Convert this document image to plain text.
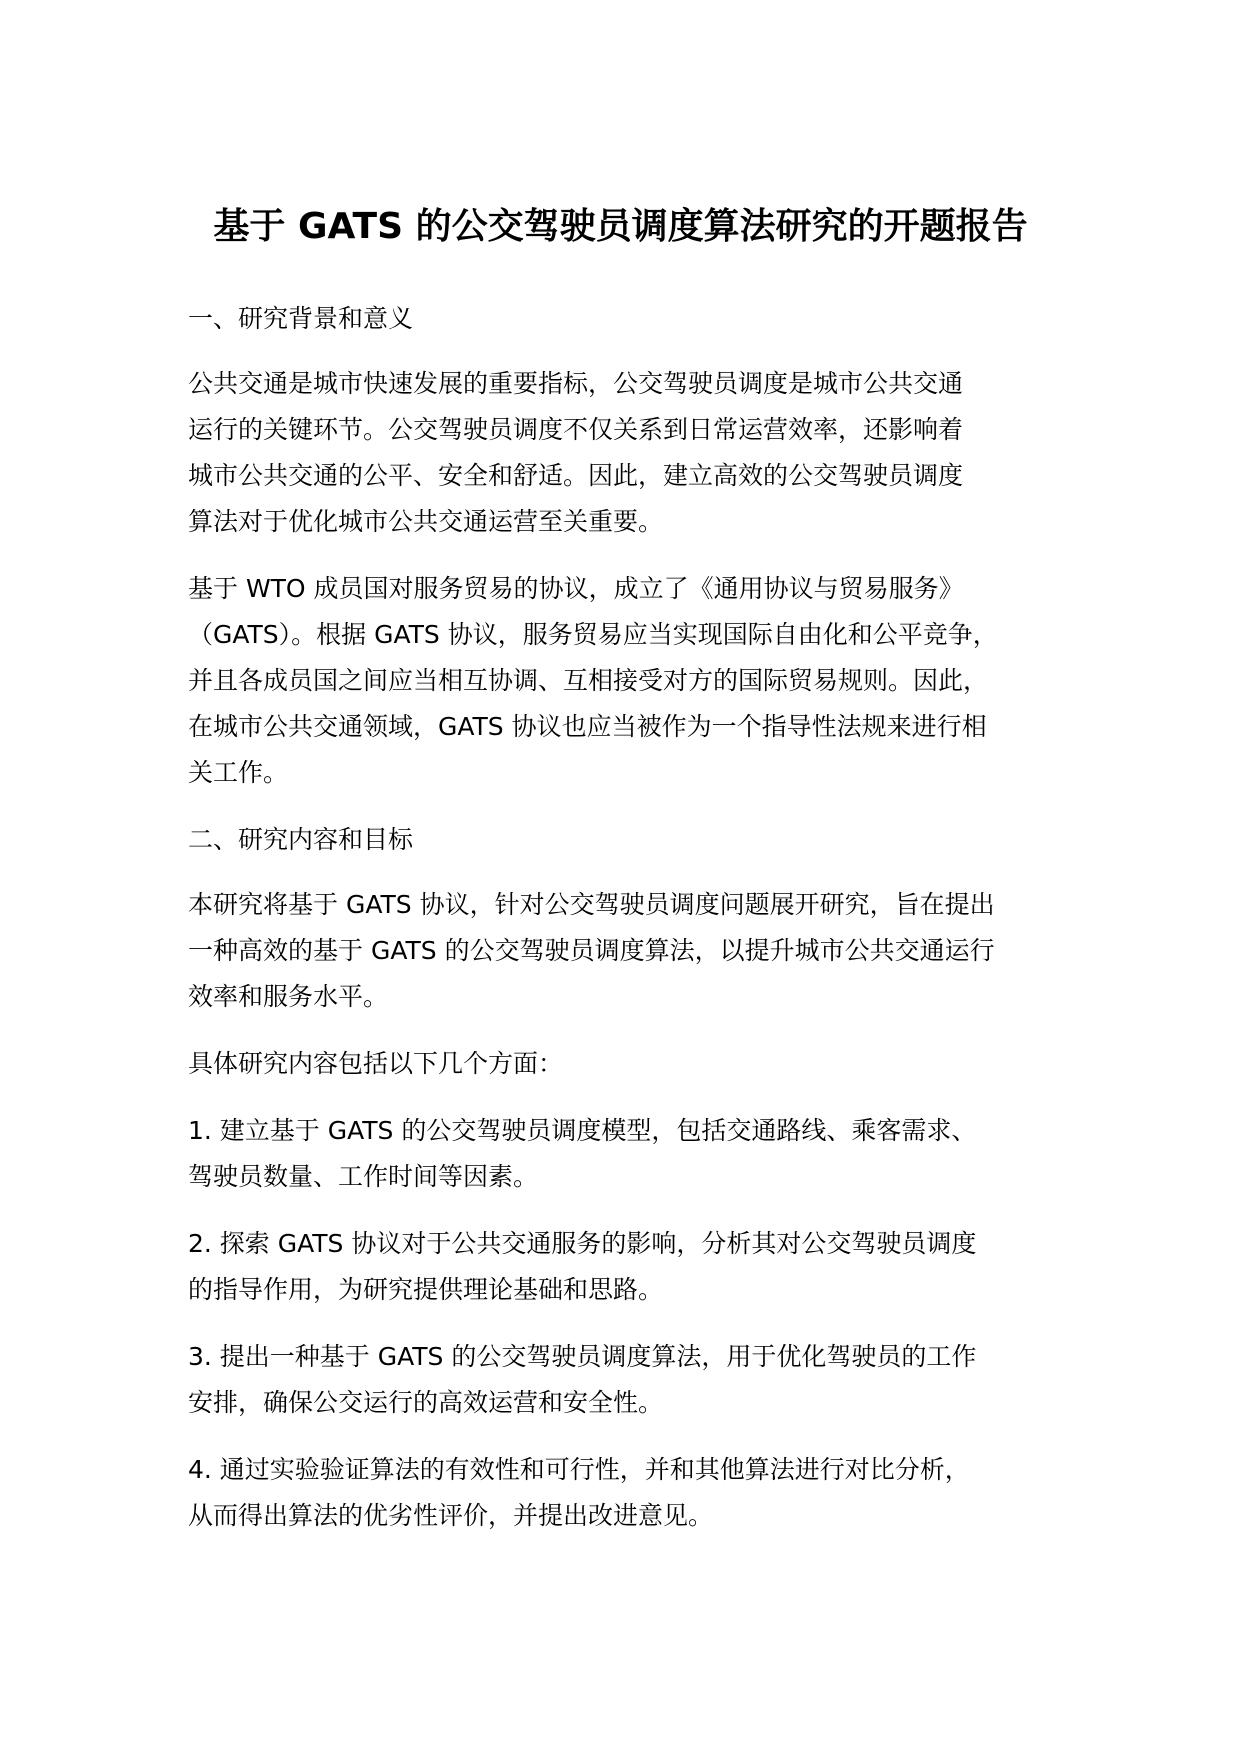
基于 GATS 的公交驾驶员调度算法研究的开题报告

一、研究背景和意义

公共交通是城市快速发展的重要指标，公交驾驶员调度是城市公共交通
运行的关键环节。公交驾驶员调度不仅关系到日常运营效率，还影响着
城市公共交通的公平、安全和舒适。因此，建立高效的公交驾驶员调度
算法对于优化城市公共交通运营至关重要。

基于 WTO 成员国对服务贸易的协议，成立了《通用协议与贸易服务》
（GATS）。根据 GATS 协议，服务贸易应当实现国际自由化和公平竞争，
并且各成员国之间应当相互协调、互相接受对方的国际贸易规则。因此，
在城市公共交通领域，GATS 协议也应当被作为一个指导性法规来进行相
关工作。

二、研究内容和目标

本研究将基于 GATS 协议，针对公交驾驶员调度问题展开研究，旨在提出
一种高效的基于 GATS 的公交驾驶员调度算法，以提升城市公共交通运行
效率和服务水平。

具体研究内容包括以下几个方面：

1. 建立基于 GATS 的公交驾驶员调度模型，包括交通路线、乘客需求、
驾驶员数量、工作时间等因素。

2. 探索 GATS 协议对于公共交通服务的影响，分析其对公交驾驶员调度
的指导作用，为研究提供理论基础和思路。

3. 提出一种基于 GATS 的公交驾驶员调度算法，用于优化驾驶员的工作
安排，确保公交运行的高效运营和安全性。

4. 通过实验验证算法的有效性和可行性，并和其他算法进行对比分析，
从而得出算法的优劣性评价，并提出改进意见。
